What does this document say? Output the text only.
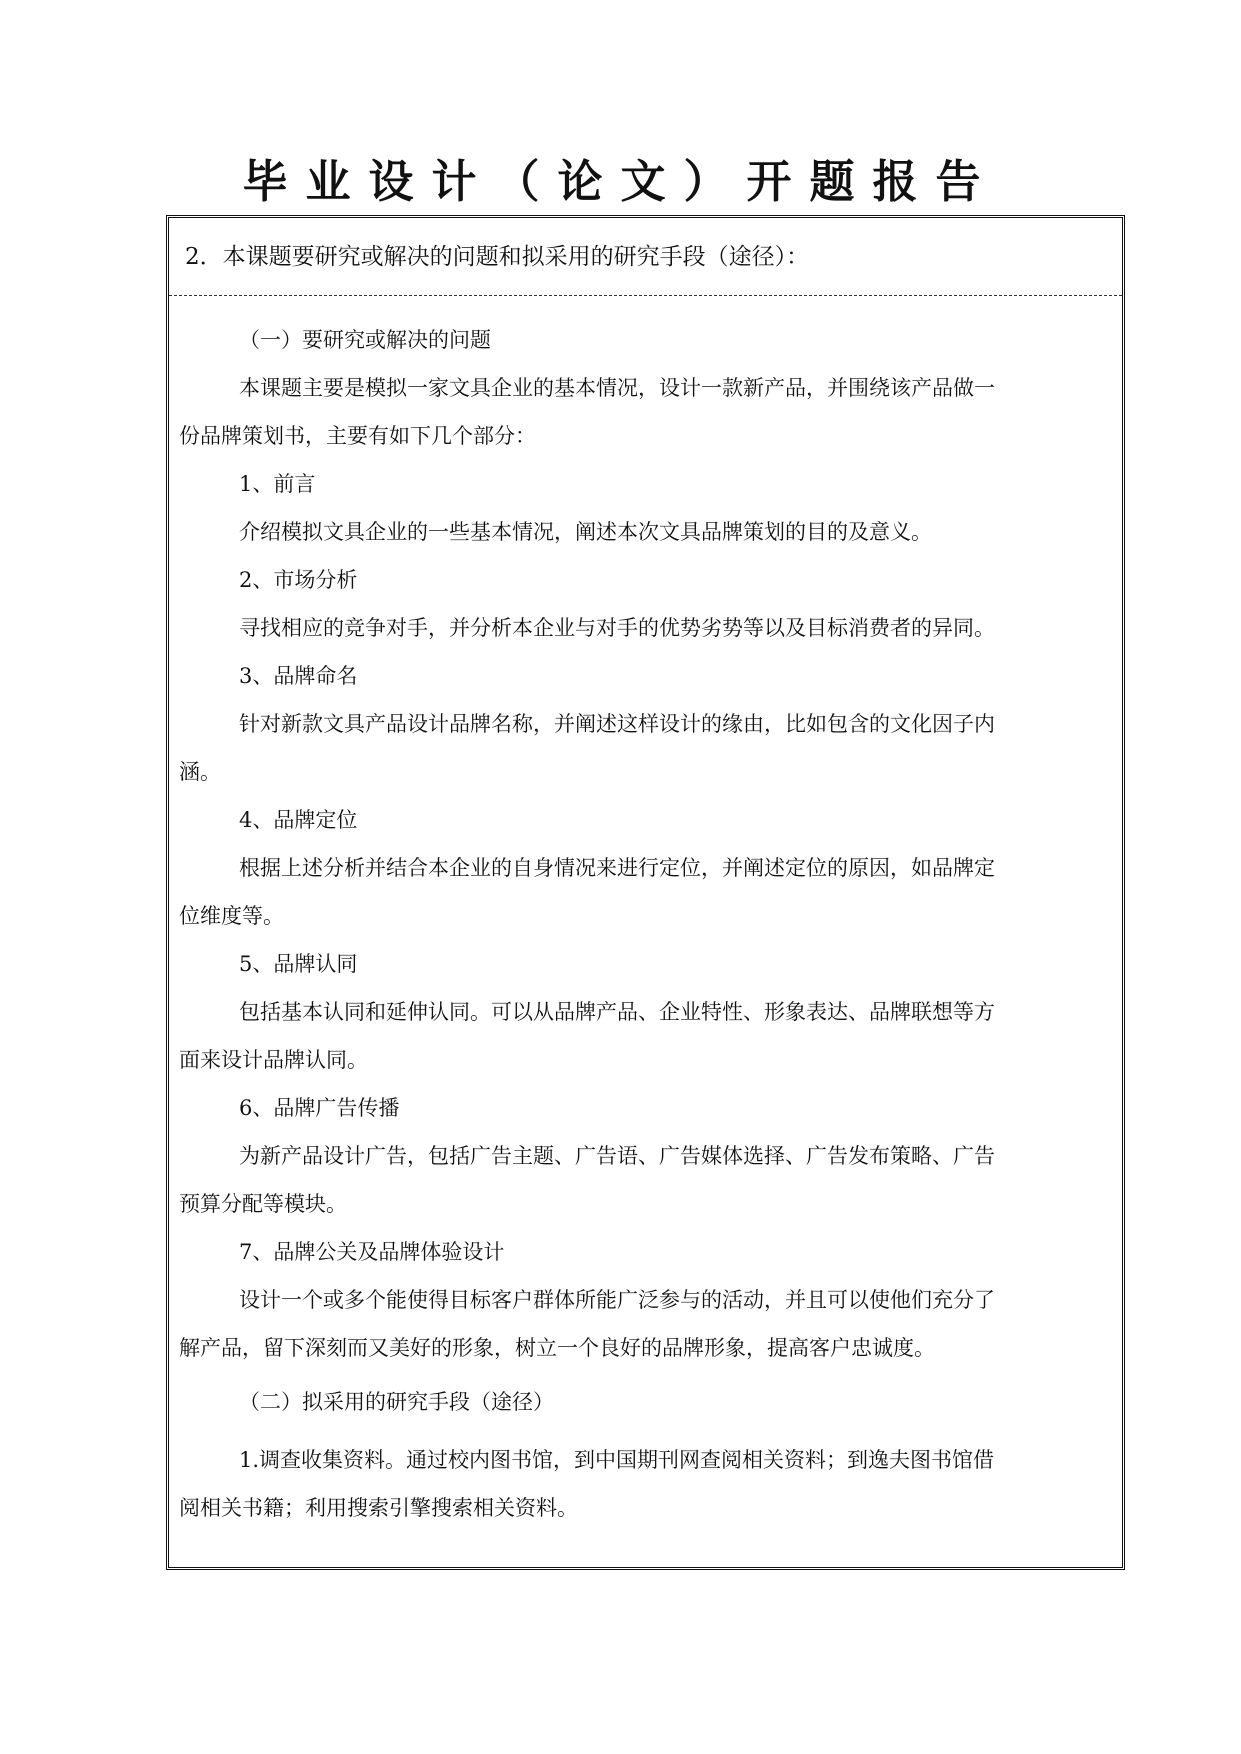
毕业设计（论文）开题报告
2．本课题要研究或解决的问题和拟采用的研究手段（途径）：

（一）要研究或解决的问题

本课题主要是模拟一家文具企业的基本情况，设计一款新产品，并围绕该产品做一

份品牌策划书，主要有如下几个部分：

1、前言

介绍模拟文具企业的一些基本情况，阐述本次文具品牌策划的目的及意义。

2、市场分析

寻找相应的竞争对手，并分析本企业与对手的优势劣势等以及目标消费者的异同。

3、品牌命名

针对新款文具产品设计品牌名称，并阐述这样设计的缘由，比如包含的文化因子内

涵。

4、品牌定位

根据上述分析并结合本企业的自身情况来进行定位，并阐述定位的原因，如品牌定

位维度等。

5、品牌认同

包括基本认同和延伸认同。可以从品牌产品、企业特性、形象表达、品牌联想等方

面来设计品牌认同。

6、品牌广告传播

为新产品设计广告，包括广告主题、广告语、广告媒体选择、广告发布策略、广告

预算分配等模块。

7、品牌公关及品牌体验设计

设计一个或多个能使得目标客户群体所能广泛参与的活动，并且可以使他们充分了

解产品，留下深刻而又美好的形象，树立一个良好的品牌形象，提高客户忠诚度。

（二）拟采用的研究手段（途径）

1.调查收集资料。通过校内图书馆，到中国期刊网查阅相关资料；到逸夫图书馆借

阅相关书籍；利用搜索引擎搜索相关资料。
